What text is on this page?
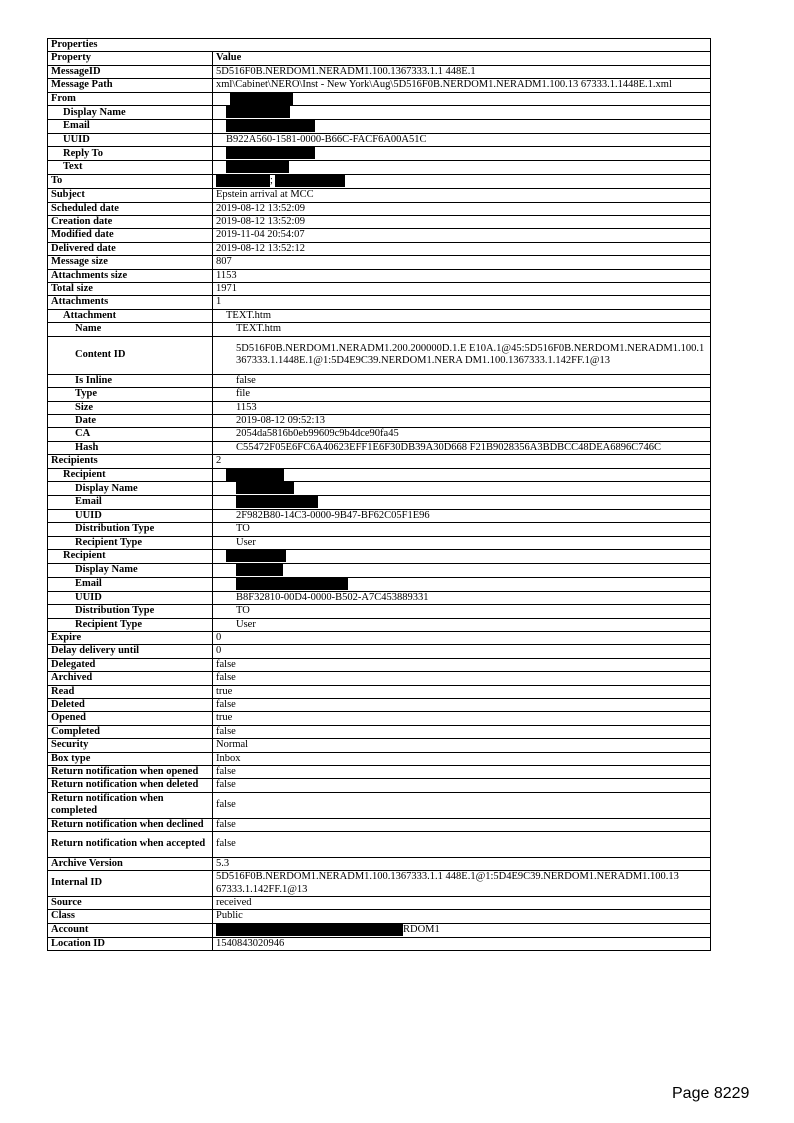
Properties	
Property	Value
MessageID	5D516F0B.NERDOM1.NERADM1.100.1367333.1.1 448E.1
Message Path	xml\Cabinet\NERO\Inst - New York\Aug\5D516F0B.NERDOM1.NERADM1.100.13 67333.1.1448E.1.xml
From	
Display Name	
Email	
UUID	B922A560-1581-0000-B66C-FACF6A00A51C
Reply To	
Text	
To	;
Subject	Epstein arrival at MCC
Scheduled date	2019-08-12 13:52:09
Creation date	2019-08-12 13:52:09
Modified date	2019-11-04 20:54:07
Delivered date	2019-08-12 13:52:12
Message size	807
Attachments size	1153
Total size	1971
Attachments	1
Attachment	TEXT.htm
Name	TEXT.htm
Content ID	5D516F0B.NERDOM1.NERADM1.200.200000D.1.E E10A.1@45:5D516F0B.NERDOM1.NERADM1.100.1 367333.1.1448E.1@1:5D4E9C39.NERDOM1.NERA DM1.100.1367333.1.142FF.1@13
Is Inline	false
Type	file
Size	1153
Date	2019-08-12 09:52:13
CA	2054da5816b0eb99609c9b4dce90fa45
Hash	C55472F05E6FC6A40623EFF1E6F30DB39A30D668 F21B9028356A3BDBCC48DEA6896C746C
Recipients	2
Recipient	
Display Name	
Email	
UUID	2F982B80-14C3-0000-9B47-BF62C05F1E96
Distribution Type	TO
Recipient Type	User
Recipient	
Display Name	
Email	
UUID	B8F32810-00D4-0000-B502-A7C453889331
Distribution Type	TO
Recipient Type	User
Expire	0
Delay delivery until	0
Delegated	false
Archived	false
Read	true
Deleted	false
Opened	true
Completed	false
Security	Normal
Box type	Inbox
Return notification when opened	false
Return notification when deleted	false
Return notification when completed	false
Return notification when declined	false
Return notification when accepted	false
Archive Version	5.3
Internal ID	5D516F0B.NERDOM1.NERADM1.100.1367333.1.1 448E.1@1:5D4E9C39.NERDOM1.NERADM1.100.13 67333.1.142FF.1@13
Source	received
Class	Public
Account	RDOM1
Location ID	1540843020946
Page 8229
